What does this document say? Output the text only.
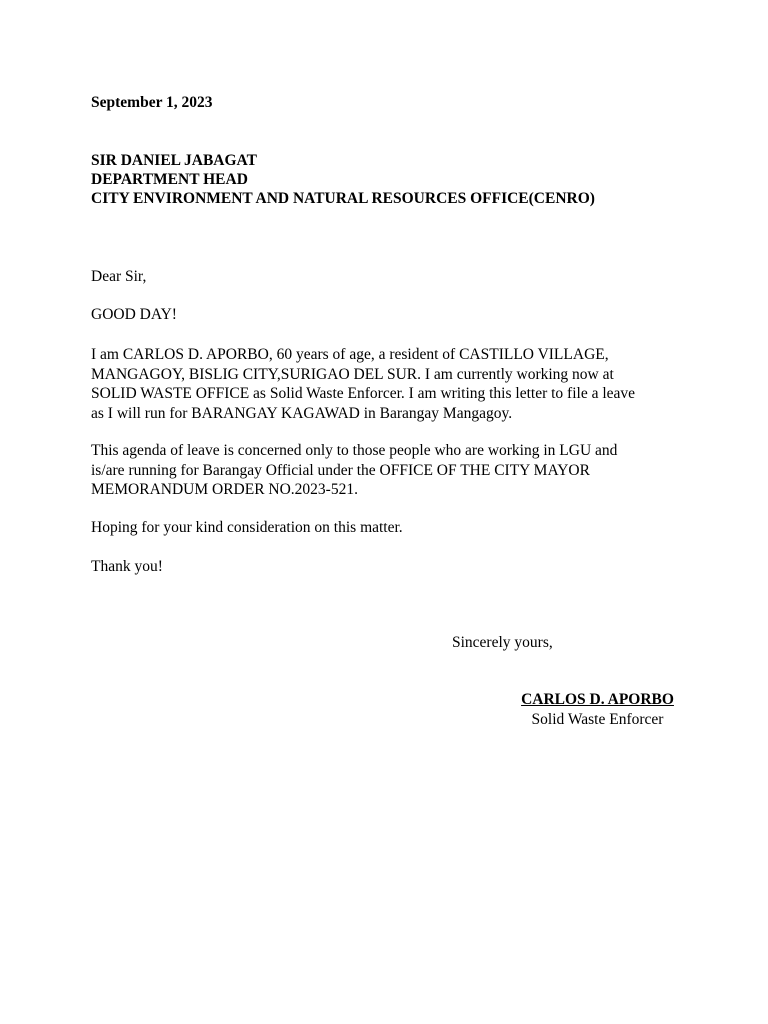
September 1, 2023
SIR DANIEL JABAGAT
DEPARTMENT HEAD
CITY ENVIRONMENT AND NATURAL RESOURCES OFFICE(CENRO)
Dear Sir,
GOOD DAY!
I am CARLOS D. APORBO, 60 years of age, a resident of CASTILLO VILLAGE,
MANGAGOY, BISLIG CITY,SURIGAO DEL SUR. I am currently working now at
SOLID WASTE OFFICE as Solid Waste Enforcer. I am writing this letter to file a leave
as I will run for BARANGAY KAGAWAD in Barangay Mangagoy.
This agenda of leave is concerned only to those people who are working in LGU and
is/are running for Barangay Official under the OFFICE OF THE CITY MAYOR
MEMORANDUM ORDER NO.2023-521.
Hoping for your kind consideration on this matter.
Thank you!
Sincerely yours,
CARLOS D. APORBO
Solid Waste Enforcer
